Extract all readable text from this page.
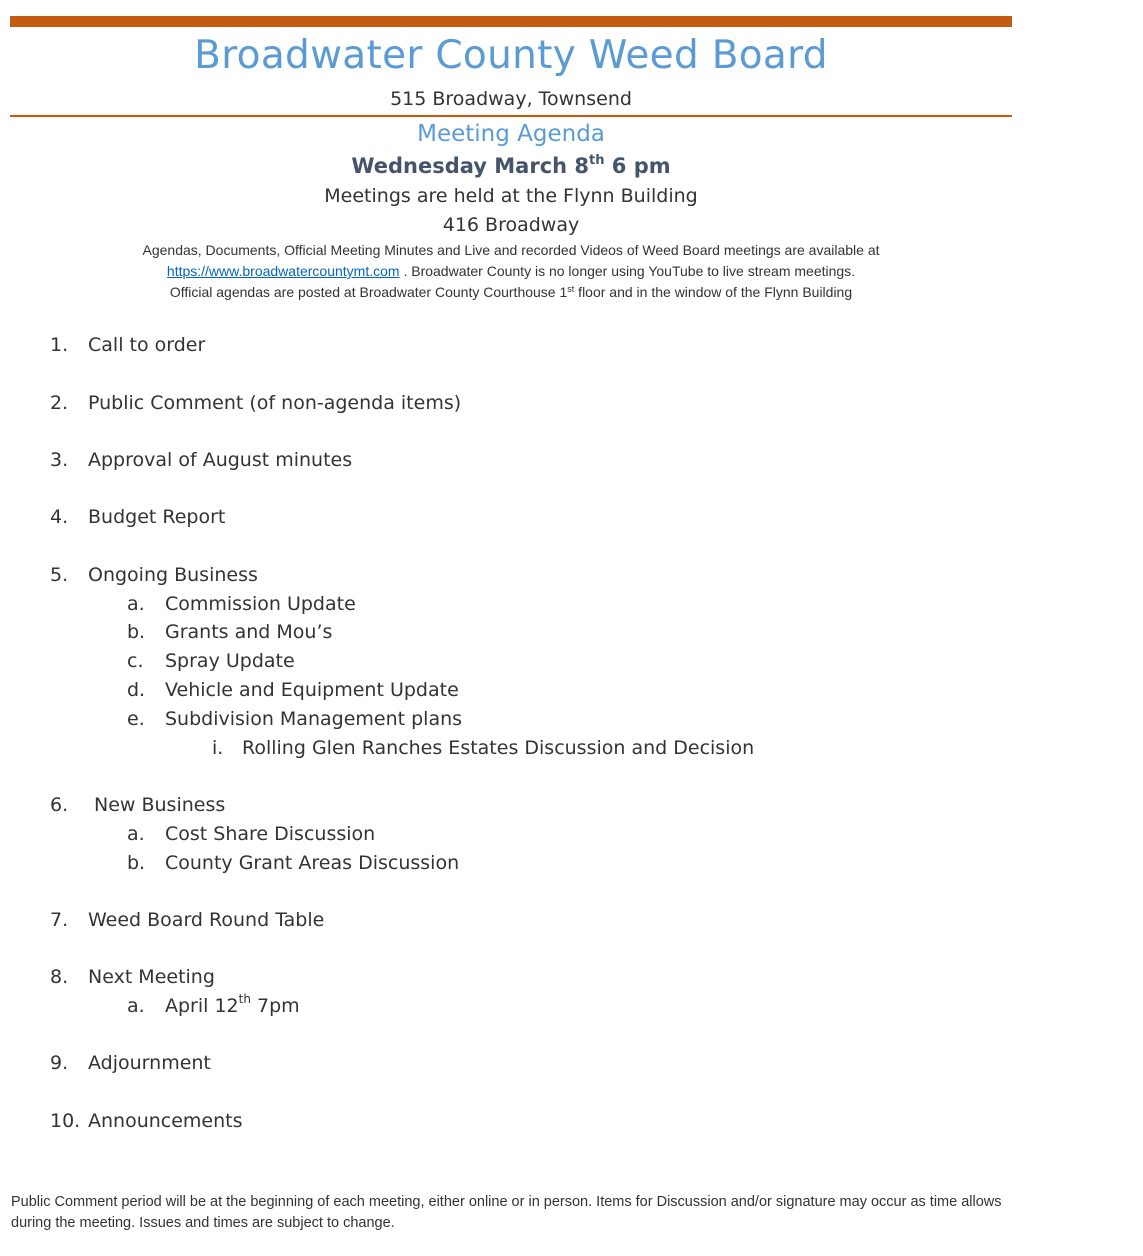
Broadwater County Weed Board
515 Broadway, Townsend
Meeting Agenda
Wednesday March 8th 6 pm
Meetings are held at the Flynn Building
416 Broadway
Agendas, Documents, Official Meeting Minutes and Live and recorded Videos of Weed Board meetings are available at
https://www.broadwatercountymt.com . Broadwater County is no longer using YouTube to live stream meetings.
Official agendas are posted at Broadwater County Courthouse 1st floor and in the window of the Flynn Building
1. Call to order
2. Public Comment (of non-agenda items)
3. Approval of August minutes
4. Budget Report
5. Ongoing Business
a. Commission Update
b. Grants and Mou’s
c. Spray Update
d. Vehicle and Equipment Update
e. Subdivision Management plans
i. Rolling Glen Ranches Estates Discussion and Decision
6. New Business
a. Cost Share Discussion
b. County Grant Areas Discussion
7. Weed Board Round Table
8. Next Meeting
a. April 12th 7pm
9. Adjournment
10. Announcements
Public Comment period will be at the beginning of each meeting, either online or in person. Items for Discussion and/or signature may occur as time allows during the meeting. Issues and times are subject to change.
